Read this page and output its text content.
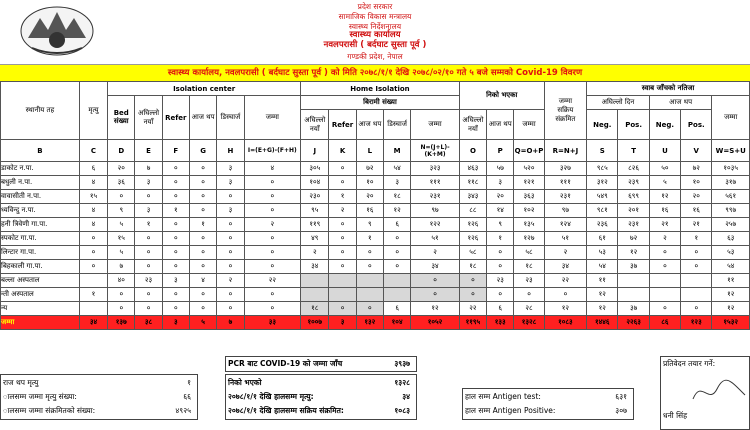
प्रदेश सरकार
सामाजिक विकास मन्त्रालय
स्वास्थ्य निर्देशनालय
स्वास्थ्य कार्यालय
नवलपरासी ( बर्दघाट सुस्ता पूर्व )
गण्डकी प्रदेश, नेपाल
स्वास्थ्य कार्यालय, नवलपरासी ( बर्दघाट सुस्ता पूर्व ) को मिति २०७८/१/१ देखि २०७८/०२/१० गते ५ बजे सम्मको Covid-19 विवरण
स्थानीय तह	मृत्यु	Isolation center						Home Isolation					निको भएका			जम्मा
सक्रिय
संक्रमित	स्वाब जाँचको नतिजा				
		Bed
संख्या	अघिल्लो
नयाँ	Refer	आज थप	डिस्चार्ज	जम्मा	बिरामी संख्या									अघिल्लो दिन		आज थप		जम्मा
								अघिल्लो
नयाँ	Refer	आज थप	डिस्चार्ज	जम्मा	अघिल्लो
नयाँ	आज थप	जम्मा		Neg.	Pos.	Neg.	Pos.	
B	C	D	E	F	G	H	I=(E+G)-(F+H)	J	K	L	M	N=(J+L)-(K+M)	O	P	Q=O+P	R=N+J	S	T	U	V	W=S+U
डाकोट न.पा.	६	२०	७	०	०	३	४	३०५	०	७२	५४	३२३	४६३	५७	५२०	३२७	९८५	८२६	५०	७२	१०३५
बधुली न.पा.	४	३६	३	०	०	३	०	१०४	०	१०	३	१११	११८	३	१२१	१११	३१२	२३९	५	१०	३१७
वावासीती न.पा.	१५	०	०	०	०	०	०	२३०	१	२०	१८	२३१	३४३	२०	३६३	२३१	५४९	६९९	१२	२०	५६१
ध्यविन्दु न.पा.	४	९	३	१	०	३	०	९५	२	१६	१२	९७	८८	१४	१०२	९७	९८१	२०१	१६	१६	९९७
हनी त्रिवेणी गा.पा.	४	५	१	०	१	०	२	११९	०	९	६	१२२	१२६	९	१३५	१२४	२३६	२३१	२१	२१	२५७
स्पकोट गा.पा.	०	१५	०	०	०	०	०	४९	०	१	०	५१	१२६	१	१२७	५१	६१	७२	२	१	६३
लिन्टार गा.पा.	०	५	०	०	०	०	०	२	०	०	०	२	५८	०	५८	२	५३	१२	०	०	५३
बिहकाली गा.पा.	०	७	०	०	०	०	०	३४	०	०	०	३४	१८	०	१८	३४	५४	३७	०	०	५४
बल्ला अस्पताल		४०	२३	३	४	२	२२					०	०	२३	२३	२२	११				११
न्ती अस्पताल	१	०	०	०	०	०	०					०	०	०	०	०	१२				१२
न्य		०	०	०	०	०	०	१८	०	०	६	१२	२२	६	२८	१२	१२	३७	०	०	१२
जम्मा	३४	१३७	३८	३	५	७	३३	१००७	३	१३२	१०४	१०५२	११९५	१३३	१३२८	१०८३	१४४६	२२६३	८६	१२३	१५३२
राज थप मृत्यु	१
ालसम्म जम्मा मृत्यु संख्या:	६६
ालसम्म जम्मा संक्रमितको संख्या:	४९२५
PCR बाट COVID-19 को जम्मा जाँच	३९३७
निको भएको	१३२८
२०७८/१/१ देखि हालसम्म मृत्यु:	३४
२०७८/१/१ देखि हालसम्म सक्रिय संक्रमित:	१०८३
हाल सम्म Antigen test:	६३१
हाल सम्म Antigen Positive:	३०७
प्रतिवेदन तयार गर्ने:
धनी सिंह
